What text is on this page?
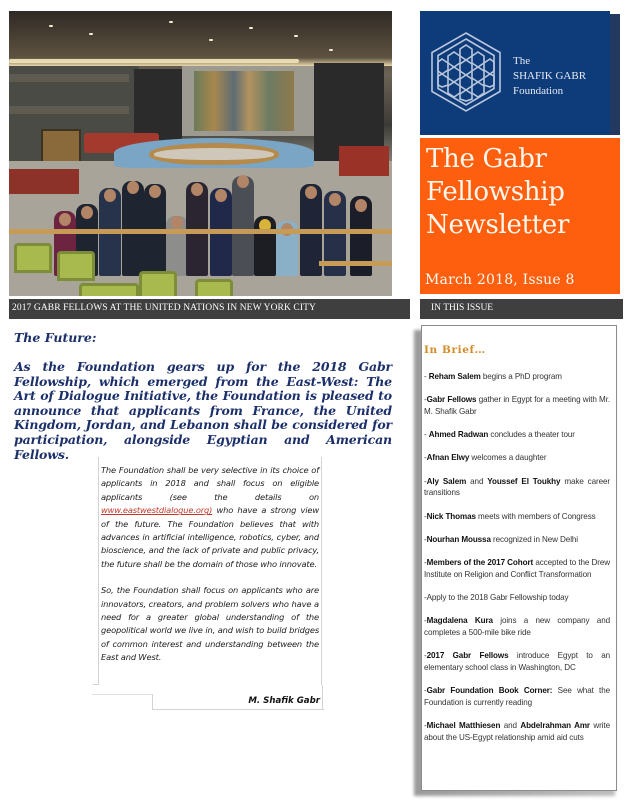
2017 GABR FELLOWS AT THE UNITED NATIONS IN NEW YORK CITY
The
SHAFIK GABR
Foundation
The Gabr
Fellowship
Newsletter
March 2018, Issue 8
IN THIS ISSUE
The Future:
As the Foundation gears up for the 2018 Gabr Fellowship, which emerged from the East-West: The Art of Dialogue Initiative, the Foundation is pleased to announce that applicants from France, the United Kingdom, Jordan, and Lebanon shall be considered for participation, alongside Egyptian and American Fellows.

The Foundation shall be very selective in its choice of applicants in 2018 and shall focus on eligible applicants (see the details on www.eastwestdialogue.org) who have a strong view of the future. The Foundation believes that with advances in artificial intelligence, robotics, cyber, and bioscience, and the lack of private and public privacy, the future shall be the domain of those who innovate.

So, the Foundation shall focus on applicants who are innovators, creators, and problem solvers who have a need for a greater global understanding of the geopolitical world we live in, and wish to build bridges of common interest and understanding between the East and West.

M. Shafik Gabr
In Brief…
- Reham Salem begins a PhD program
-Gabr Fellows gather in Egypt for a meeting with Mr. M. Shafik Gabr
- Ahmed Radwan concludes a theater tour
-Afnan Elwy welcomes a daughter
-Aly Salem and Youssef El Toukhy make career transitions
-Nick Thomas meets with members of Congress
-Nourhan Moussa recognized in New Delhi
-Members of the 2017 Cohort accepted to the Drew Institute on Religion and Conflict Transformation
-Apply to the 2018 Gabr Fellowship today
-Magdalena Kura joins a new company and completes a 500-mile bike ride
-2017 Gabr Fellows introduce Egypt to an elementary school class in Washington, DC
-Gabr Foundation Book Corner: See what the Foundation is currently reading
-Michael Matthiesen and Abdelrahman Amr write about the US-Egypt relationship amid aid cuts
